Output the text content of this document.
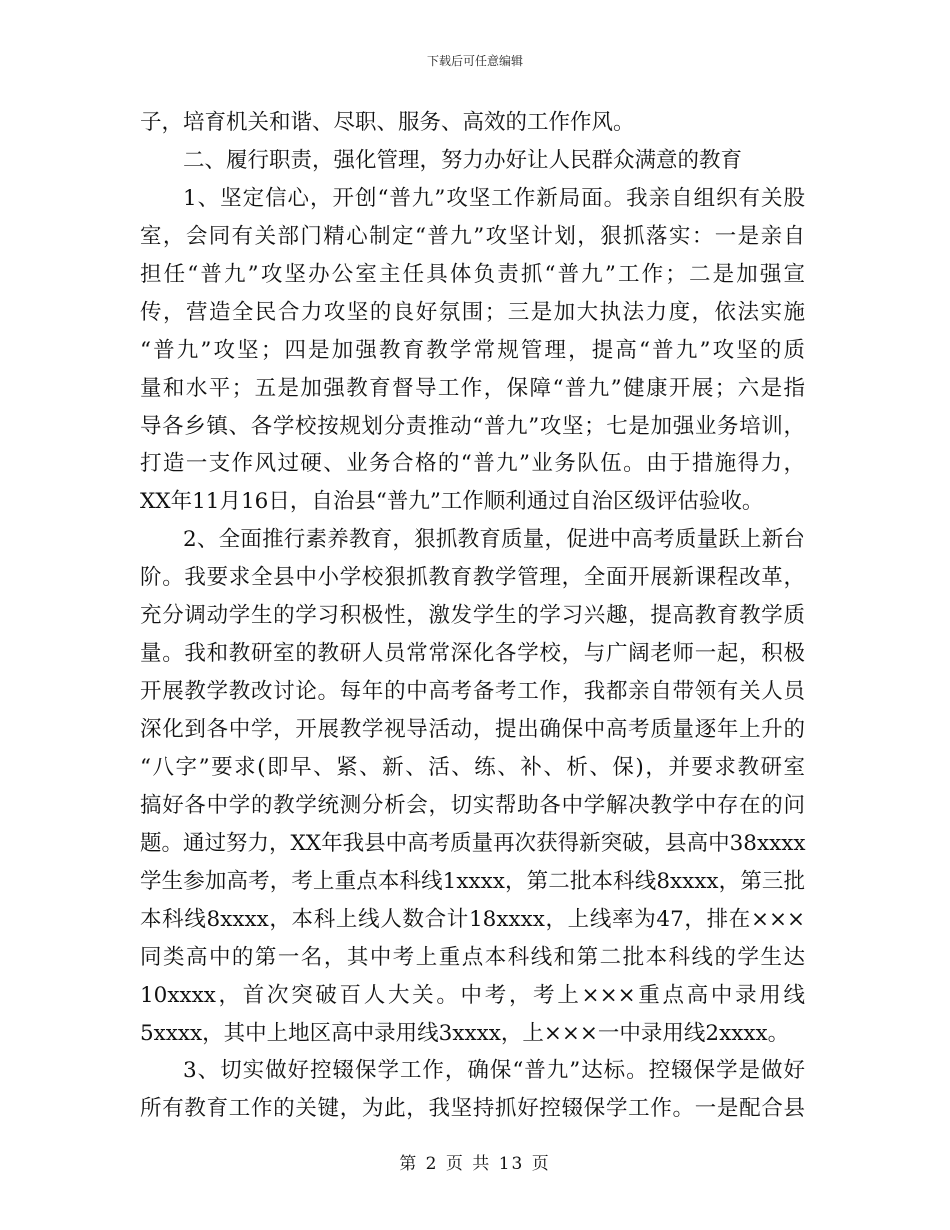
下载后可任意编辑
子，培育机关和谐、尽职、服务、高效的工作作风。
二、履行职责，强化管理，努力办好让人民群众满意的教育
1、坚定信心，开创“普九”攻坚工作新局面。我亲自组织有关股
室，会同有关部门精心制定“普九”攻坚计划，狠抓落实：一是亲自
担任“普九”攻坚办公室主任具体负责抓“普九”工作；二是加强宣
传，营造全民合力攻坚的良好氛围；三是加大执法力度，依法实施
“普九”攻坚；四是加强教育教学常规管理，提高“普九”攻坚的质
量和水平；五是加强教育督导工作，保障“普九”健康开展；六是指
导各乡镇、各学校按规划分责推动“普九”攻坚；七是加强业务培训，
打造一支作风过硬、业务合格的“普九”业务队伍。由于措施得力，
XX年11月16日，自治县“普九”工作顺利通过自治区级评估验收。
2、全面推行素养教育，狠抓教育质量，促进中高考质量跃上新台
阶。我要求全县中小学校狠抓教育教学管理，全面开展新课程改革，
充分调动学生的学习积极性，激发学生的学习兴趣，提高教育教学质
量。我和教研室的教研人员常常深化各学校，与广阔老师一起，积极
开展教学教改讨论。每年的中高考备考工作，我都亲自带领有关人员
深化到各中学，开展教学视导活动，提出确保中高考质量逐年上升的
“八字”要求(即早、紧、新、活、练、补、析、保)，并要求教研室
搞好各中学的教学统测分析会，切实帮助各中学解决教学中存在的问
题。通过努力，XX年我县中高考质量再次获得新突破，县高中38xxxx
学生参加高考，考上重点本科线1xxxx，第二批本科线8xxxx，第三批
本科线8xxxx，本科上线人数合计18xxxx，上线率为47，排在×××
同类高中的第一名，其中考上重点本科线和第二批本科线的学生达
10xxxx，首次突破百人大关。中考，考上×××重点高中录用线
5xxxx，其中上地区高中录用线3xxxx，上×××一中录用线2xxxx。
3、切实做好控辍保学工作，确保“普九”达标。控辍保学是做好
所有教育工作的关键，为此，我坚持抓好控辍保学工作。一是配合县
第 2 页 共 13 页
